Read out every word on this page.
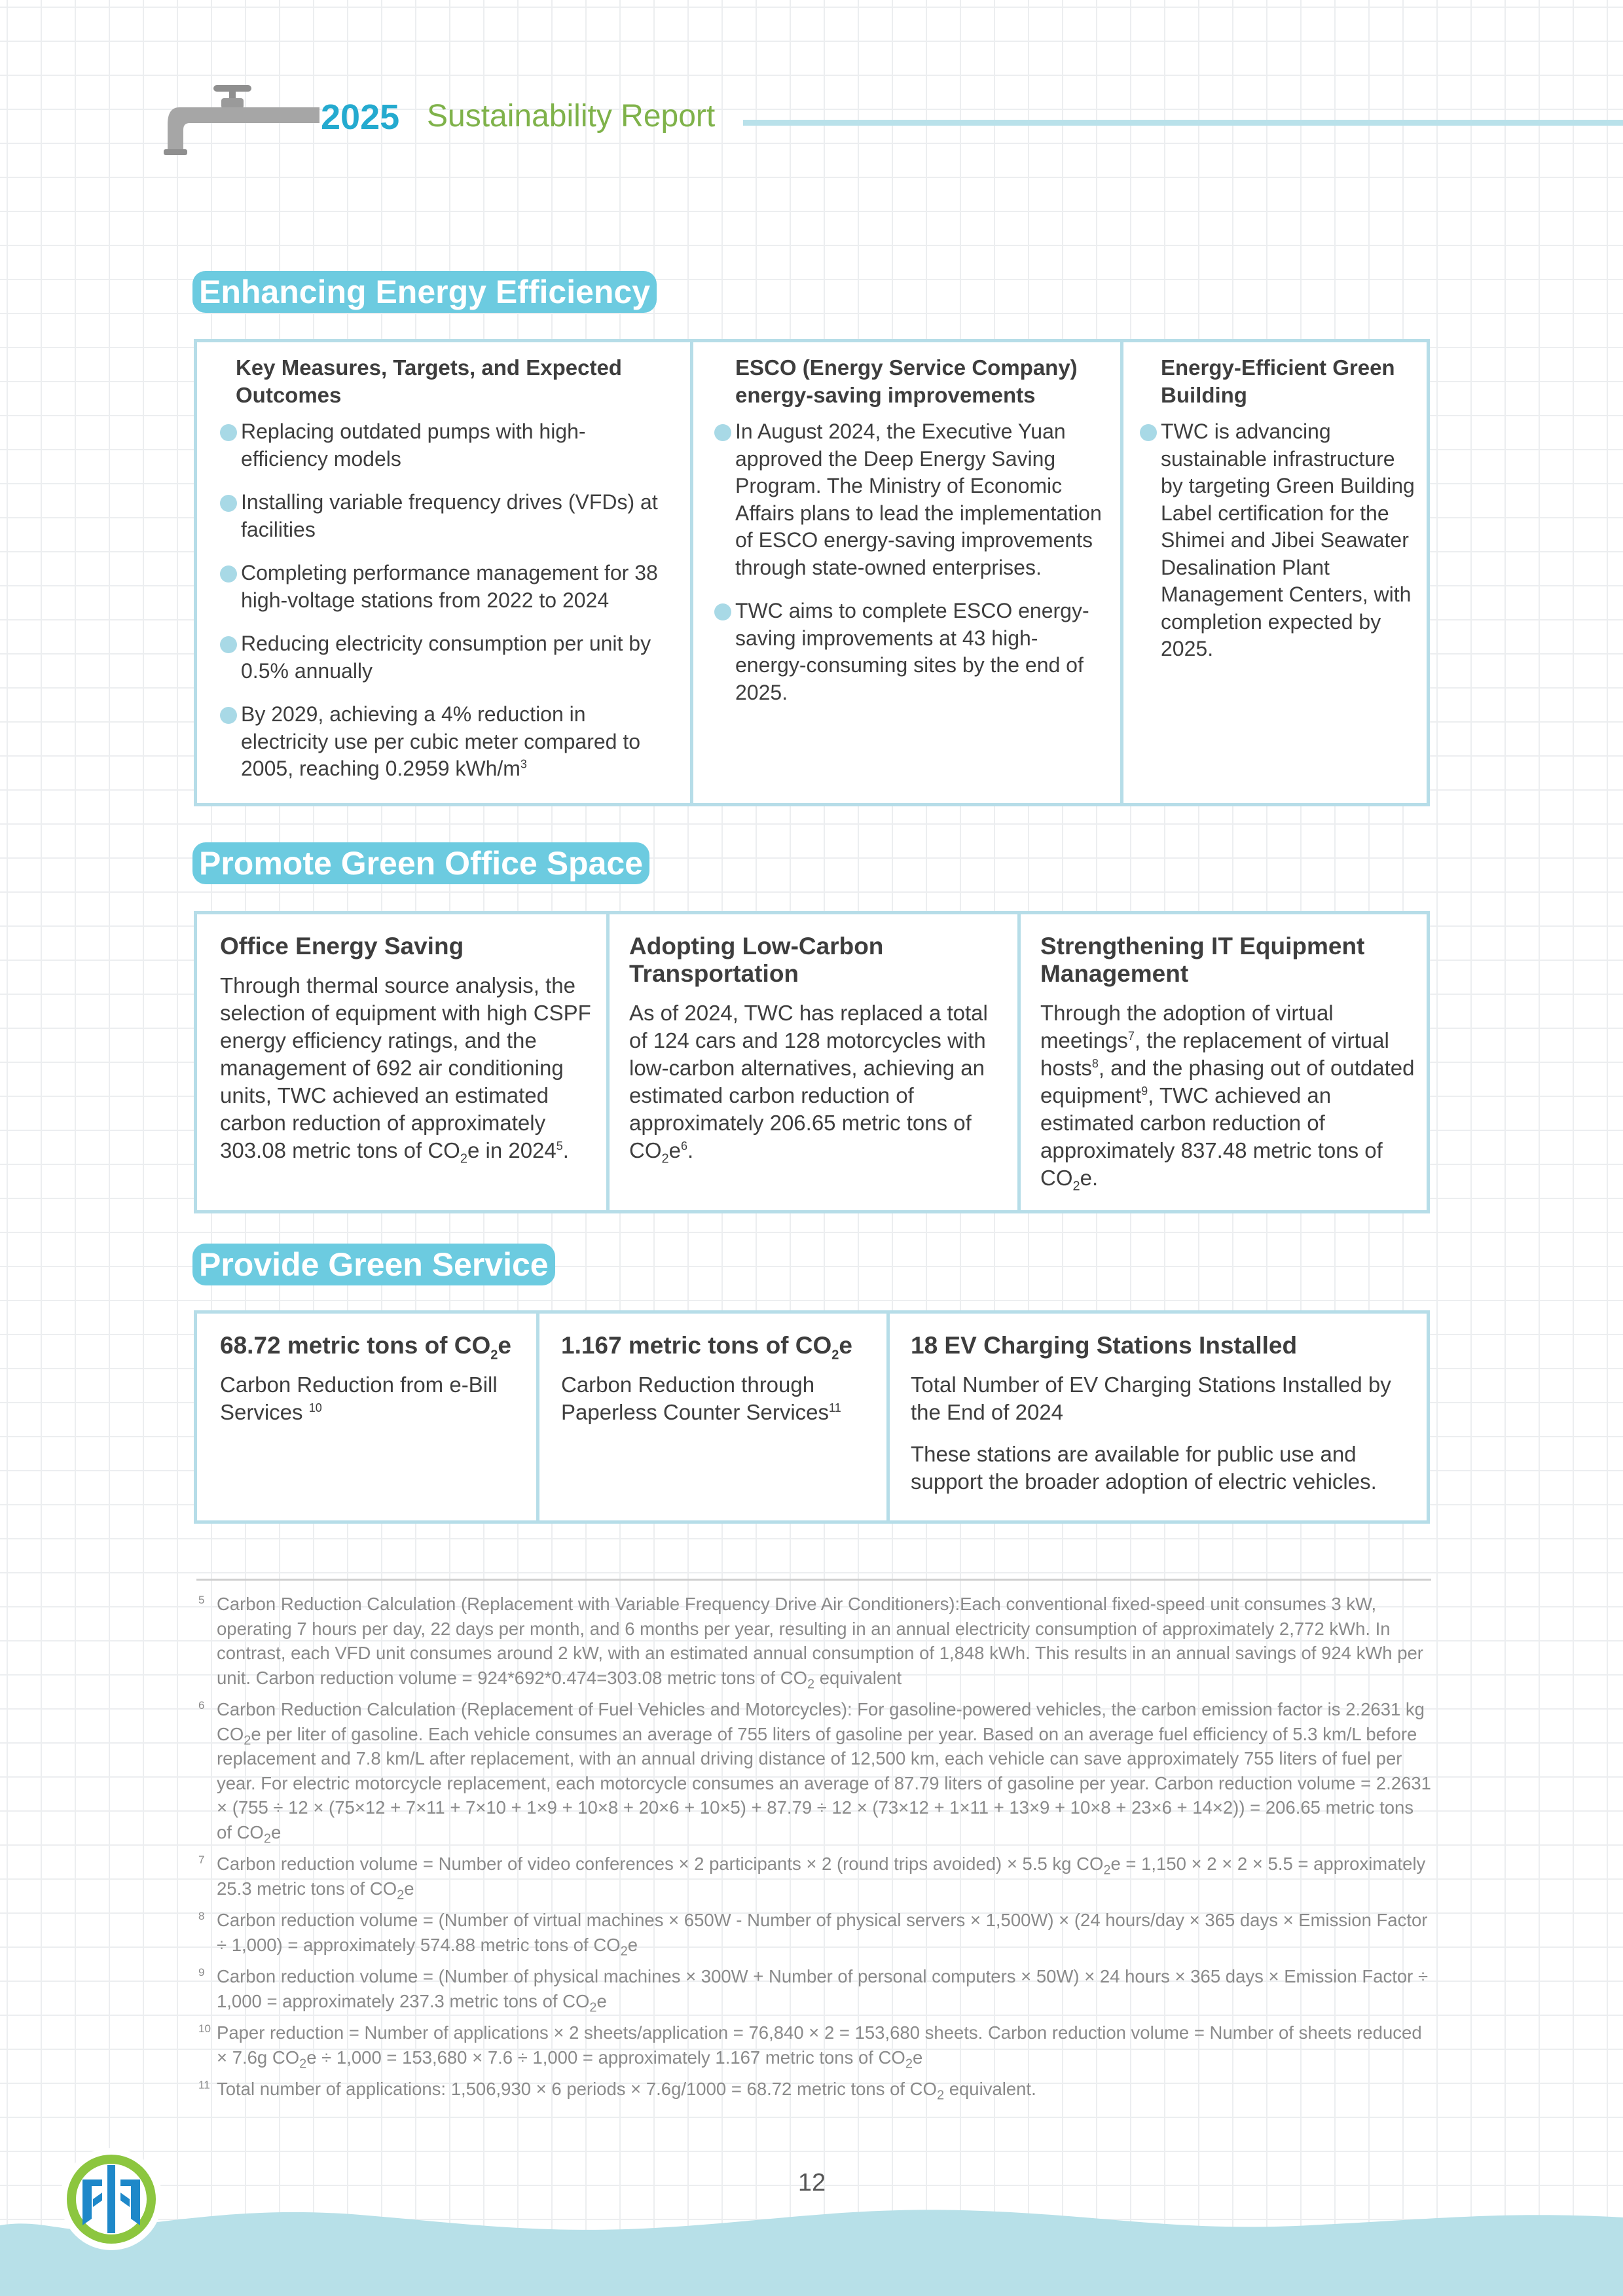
2025 Sustainability Report
Enhancing Energy Efficiency
Key Measures, Targets, and Expected Outcomes
Replacing outdated pumps with high-efficiency models
Installing variable frequency drives (VFDs) at facilities
Completing performance management for 38 high-voltage stations from 2022 to 2024
Reducing electricity consumption per unit by 0.5% annually
By 2029, achieving a 4% reduction in electricity use per cubic meter compared to 2005, reaching 0.2959 kWh/$m^3$
ESCO (Energy Service Company) energy-saving improvements
In August 2024, the Executive Yuan approved the Deep Energy Saving Program. The Ministry of Economic Affairs plans to lead the implementation of ESCO energy-saving improvements through state-owned enterprises.
TWC aims to complete ESCO energy-saving improvements at 43 high-energy-consuming sites by the end of 2025.
Energy-Efficient Green Building
TWC is advancing sustainable infrastructure by targeting Green Building Label certification for the Shimei and Jibei Seawater Desalination Plant Management Centers, with completion expected by 2025.
Promote Green Office Space
Office Energy Saving
Through thermal source analysis, the selection of equipment with high CSPF energy efficiency ratings, and the management of 692 air conditioning units, TWC achieved an estimated carbon reduction of approximately 303.08 metric tons of $CO_2e$ in 2024$^5$.
Adopting Low-Carbon Transportation
As of 2024, TWC has replaced a total of 124 cars and 128 motorcycles with low-carbon alternatives, achieving an estimated carbon reduction of approximately 206.65 metric tons of $CO_2e^6$.
Strengthening IT Equipment Management
Through the adoption of virtual meetings$^7$, the replacement of virtual hosts$^8$, and the phasing out of outdated equipment$^9$, TWC achieved an estimated carbon reduction of approximately 837.48 metric tons of $CO_2e$.
Provide Green Service
68.72 metric tons of $CO_2e$
Carbon Reduction from e-Bill Services $^{10}$
1.167 metric tons of $CO_2e$
Carbon Reduction through Paperless Counter Services$^{11}$
18 EV Charging Stations Installed
Total Number of EV Charging Stations Installed by the End of 2024
These stations are available for public use and support the broader adoption of electric vehicles.
5 Carbon Reduction Calculation (Replacement with Variable Frequency Drive Air Conditioners):Each conventional fixed-speed unit consumes 3 kW, operating 7 hours per day, 22 days per month, and 6 months per year, resulting in an annual electricity consumption of approximately 2,772 kWh. In contrast, each VFD unit consumes around 2 kW, with an estimated annual consumption of 1,848 kWh. This results in an annual savings of 924 kWh per unit. Carbon reduction volume = 924*692*0.474=303.08 metric tons of $CO_2$ equivalent
6 Carbon Reduction Calculation (Replacement of Fuel Vehicles and Motorcycles): For gasoline-powered vehicles, the carbon emission factor is 2.2631 kg $CO_2e$ per liter of gasoline. Each vehicle consumes an average of 755 liters of gasoline per year. Based on an average fuel efficiency of 5.3 km/L before replacement and 7.8 km/L after replacement, with an annual driving distance of 12,500 km, each vehicle can save approximately 755 liters of fuel per year. For electric motorcycle replacement, each motorcycle consumes an average of 87.79 liters of gasoline per year. Carbon reduction volume = 2.2631 × (755 ÷ 12 × (75×12 + 7×11 + 7×10 + 1×9 + 10×8 + 20×6 + 10×5) + 87.79 ÷ 12 × (73×12 + 1×11 + 13×9 + 10×8 + 23×6 + 14×2)) = 206.65 metric tons of $CO_2e$
7 Carbon reduction volume = Number of video conferences × 2 participants × 2 (round trips avoided) × 5.5 kg $CO_2e = 1,150 \times 2 \times 2 \times 5.5$ = approximately 25.3 metric tons of $CO_2e$
8 Carbon reduction volume = (Number of virtual machines × 650W - Number of physical servers × 1,500W) × (24 hours/day × 365 days × Emission Factor ÷ 1,000) = approximately 574.88 metric tons of $CO_2e$
9 Carbon reduction volume = (Number of physical machines × 300W + Number of personal computers × 50W) × 24 hours × 365 days × Emission Factor ÷ 1,000 = approximately 237.3 metric tons of $CO_2e$
10 Paper reduction = Number of applications × 2 sheets/application = 76,840 × 2 = 153,680 sheets. Carbon reduction volume = Number of sheets reduced × 7.6g $CO_2e \div 1,000 = 153,680 \times 7.6 \div 1,000$ = approximately 1.167 metric tons of $CO_2e$
11 Total number of applications: 1,506,930 × 6 periods × 7.6g/1000 = 68.72 metric tons of $CO_2$ equivalent.
12
